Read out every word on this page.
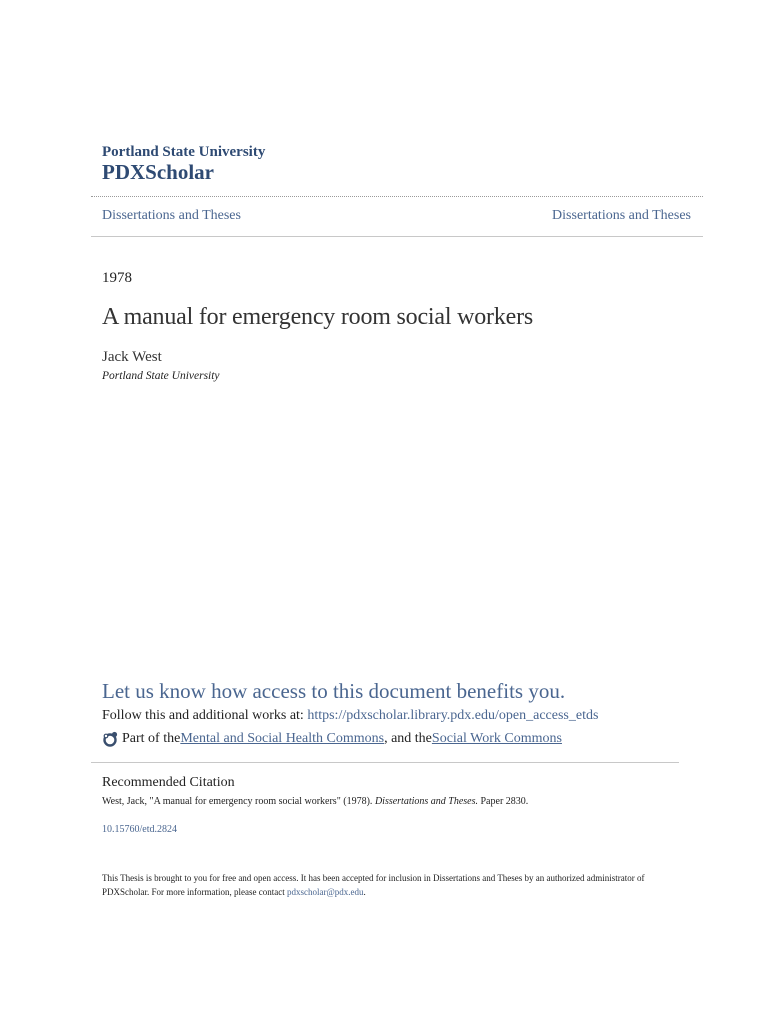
Portland State University
PDXScholar
Dissertations and Theses	Dissertations and Theses
1978
A manual for emergency room social workers
Jack West
Portland State University
Let us know how access to this document benefits you.
Follow this and additional works at: https://pdxscholar.library.pdx.edu/open_access_etds
Part of the Mental and Social Health Commons , and the Social Work Commons
Recommended Citation
West, Jack, "A manual for emergency room social workers" (1978). Dissertations and Theses. Paper 2830.
10.15760/etd.2824
This Thesis is brought to you for free and open access. It has been accepted for inclusion in Dissertations and Theses by an authorized administrator of PDXScholar. For more information, please contact pdxscholar@pdx.edu.
